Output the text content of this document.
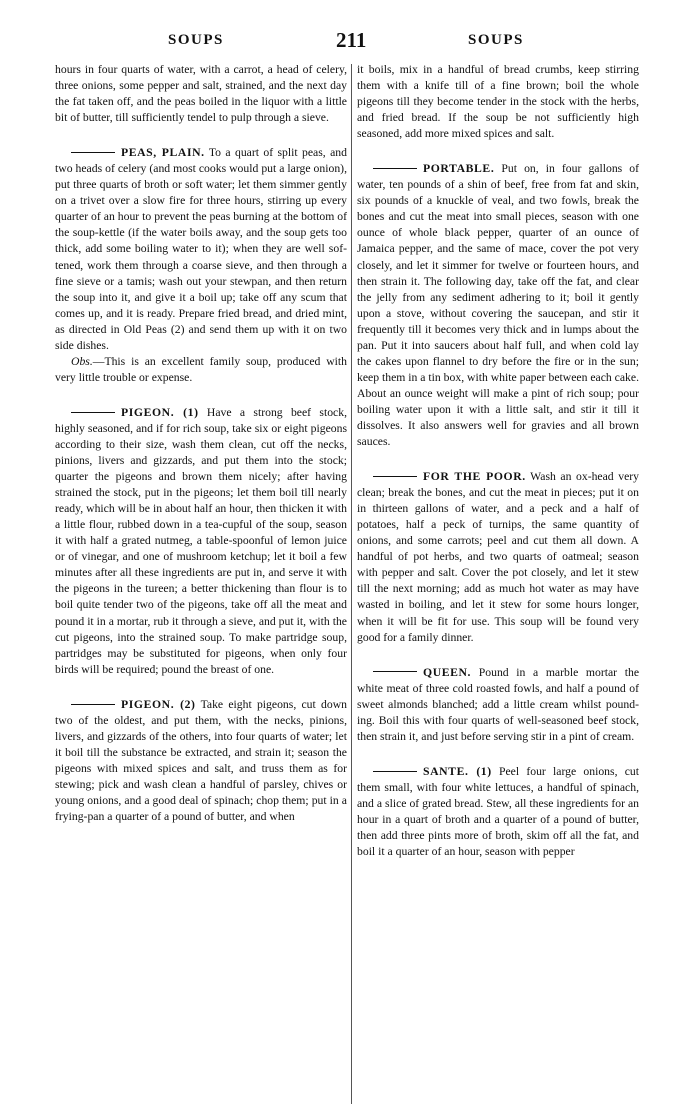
SOUPS	211	SOUPS

hours in four quarts of water, with a carrot, a head of celery, three onions, some pepper and salt, strained, and the next day the fat taken off, and the peas boiled in the liquor with a little bit of butter, till sufficiently tendel to pulp through a sieve.

PEAS, PLAIN. To a quart of split peas, and two heads of celery (and most cooks would put a large onion), put three quarts of broth or soft water; let them simmer gently on a trivet over a slow fire for three hours, stirring up every quarter of an hour to prevent the peas burning at the bottom of the soup-kettle (if the water boils away, and the soup gets too thick, add some boiling water to it); when they are well softened, work them through a coarse sieve, and then through a fine sieve or a tamis; wash out your stewpan, and then return the soup into it, and give it a boil up; take off any scum that comes up, and it is ready. Prepare fried bread, and dried mint, as directed in Old Peas (2) and send them up with it on two side dishes.

Obs.—This is an excellent family soup, produced with very little trouble or expense.

PIGEON. (1) Have a strong beef stock, highly seasoned, and if for rich soup, take six or eight pigeons according to their size, wash them clean, cut off the necks, pinions, livers and gizzards, and put them into the stock; quarter the pigeons and brown them nicely; after having strained the stock, put in the pigeons; let them boil till nearly ready, which will be in about half an hour, then thicken it with a little flour, rubbed down in a tea-cupful of the soup, season it with half a grated nutmeg, a table-spoonful of lemon juice or of vinegar, and one of mushroom ketchup; let it boil a few minutes after all these ingredients are put in, and serve it with the pigeons in the tureen; a better thickening than flour is to boil quite tender two of the pigeons, take off all the meat and pound it in a mortar, rub it through a sieve, and put it, with the cut pigeons, into the strained soup. To make partridge soup, partridges may be substituted for pigeons, when only four birds will be required; pound the breast of one.

PIGEON. (2) Take eight pigeons, cut down two of the oldest, and put them, with the necks, pinions, livers, and gizzards of the others, into four quarts of water; let it boil till the substance be extracted, and strain it; season the pigeons with mixed spices and salt, and truss them as for stewing; pick and wash clean a handful of parsley, chives or young onions, and a good deal of spinach; chop them; put in a frying-pan a quarter of a pound of butter, and when

it boils, mix in a handful of bread crumbs, keep stirring them with a knife till of a fine brown; boil the whole pigeons till they become tender in the stock with the herbs, and fried bread. If the soup be not sufficiently high seasoned, add more mixed spices and salt.

PORTABLE. Put on, in four gallons of water, ten pounds of a shin of beef, free from fat and skin, six pounds of a knuckle of veal, and two fowls, break the bones and cut the meat into small pieces, season with one ounce of whole black pepper, quarter of an ounce of Jamaica pepper, and the same of mace, cover the pot very closely, and let it simmer for twelve or fourteen hours, and then strain it. The following day, take off the fat, and clear the jelly from any sediment adhering to it; boil it gently upon a stove, without covering the saucepan, and stir it frequently till it becomes very thick and in lumps about the pan. Put it into saucers about half full, and when cold lay the cakes upon flannel to dry before the fire or in the sun; keep them in a tin box, with white paper between each cake. About an ounce weight will make a pint of rich soup; pour boiling water upon it with a little salt, and stir it till it dissolves. It also answers well for gravies and all brown sauces.

FOR THE POOR. Wash an ox-head very clean; break the bones, and cut the meat in pieces; put it on in thirteen gallons of water, and a peck and a half of potatoes, half a peck of turnips, the same quantity of onions, and some carrots; peel and cut them all down. A handful of pot herbs, and two quarts of oatmeal; season with pepper and salt. Cover the pot closely, and let it stew till the next morning; add as much hot water as may have wasted in boiling, and let it stew for some hours longer, when it will be fit for use. This soup will be found very good for a family dinner.

QUEEN. Pound in a marble mortar the white meat of three cold roasted fowls, and half a pound of sweet almonds blanched; add a little cream whilst pounding. Boil this with four quarts of well-seasoned beef stock, then strain it, and just before serving stir in a pint of cream.

SANTE. (1) Peel four large onions, cut them small, with four white lettuces, a handful of spinach, and a slice of grated bread. Stew, all these ingredients for an hour in a quart of broth and a quarter of a pound of butter, then add three pints more of broth, skim off all the fat, and boil it a quarter of an hour, season with pepper
